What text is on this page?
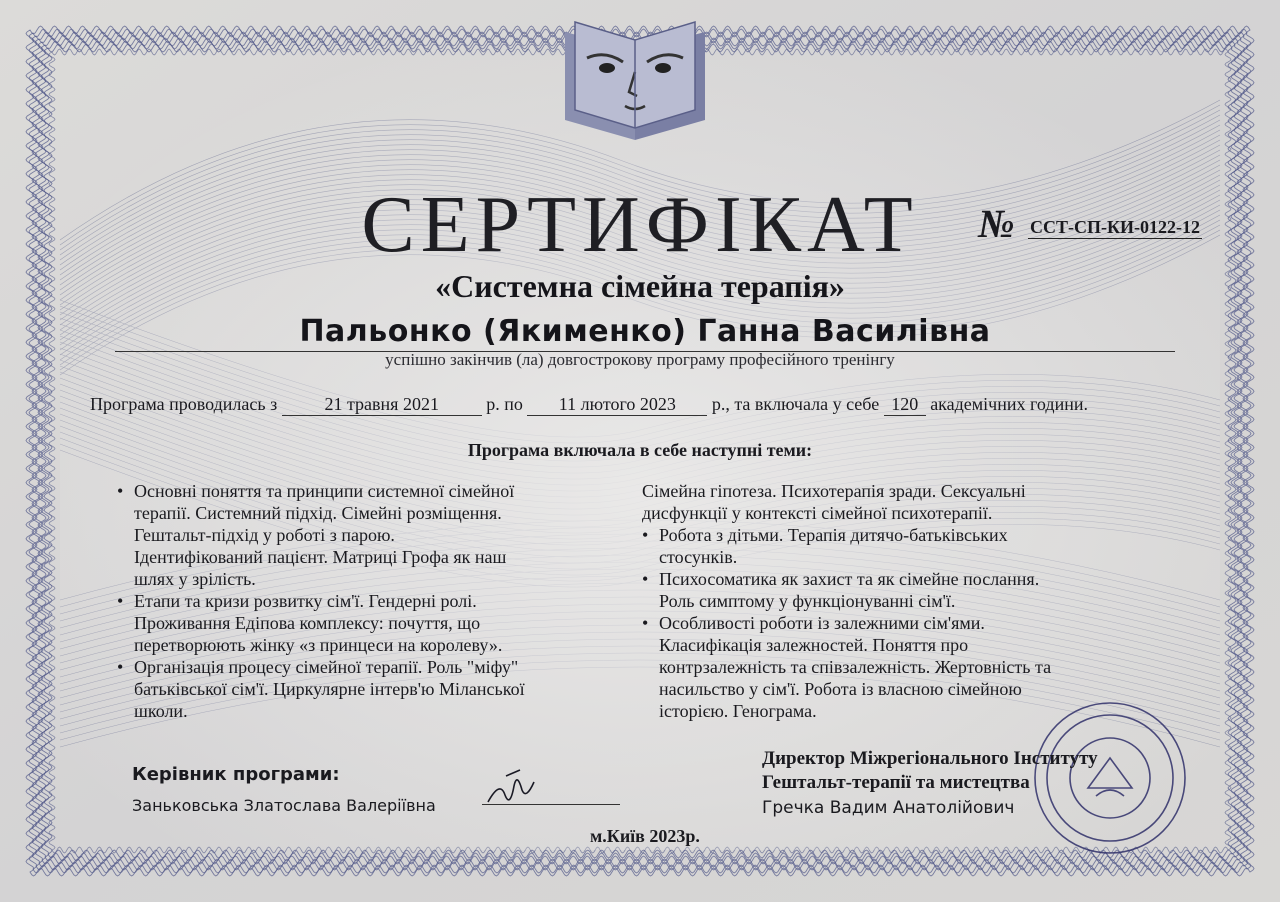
СЕРТИФІКАТ	№ ССТ-СП-КИ-0122-12
«Системна сімейна терапія»
Пальонко (Якименко) Ганна Василівна
успішно закінчив (ла) довгострокову програму професійного тренінгу
Програма проводилась з	21 травня 2021	р. по 11 лютого 2023 р., та включала у себе 120 академічних години.
Програма включала в себе наступні теми:
• Основні поняття та принципи системної сімейної
терапії. Системний підхід. Сімейні розміщення.
Гештальт-підхід у роботі з парою.
Ідентифікований пацієнт. Матриці Грофа як наш
шлях у зрілість.
• Етапи та кризи розвитку сім'ї. Гендерні ролі.
Проживання Едіпова комплексу: почуття, що
перетворюють жінку «з принцеси на королеву».
• Організація процесу сімейної терапії. Роль "міфу"
батьківської сім'ї. Циркулярне інтерв'ю Міланської
школи.
Сімейна гіпотеза. Психотерапія зради. Сексуальні
дисфункції у контексті сімейної психотерапії.
• Робота з дітьми. Терапія дитячо-батьківських
стосунків.
• Психосоматика як захист та як сімейне послання.
Роль симптому у функціонуванні сім'ї.
• Особливості роботи із залежними сім'ями.
Класифікація залежностей. Поняття про
контрзалежність та співзалежність. Жертовність та
насильство у сім'ї. Робота із власною сімейною
історією. Генограма.
Керівник програми:
Заньковська Златослава Валеріївна
м.Київ 2023р.
Директор Міжрегіонального Інституту
Гештальт-терапії та мистецтва
Гречка Вадим Анатолійович
